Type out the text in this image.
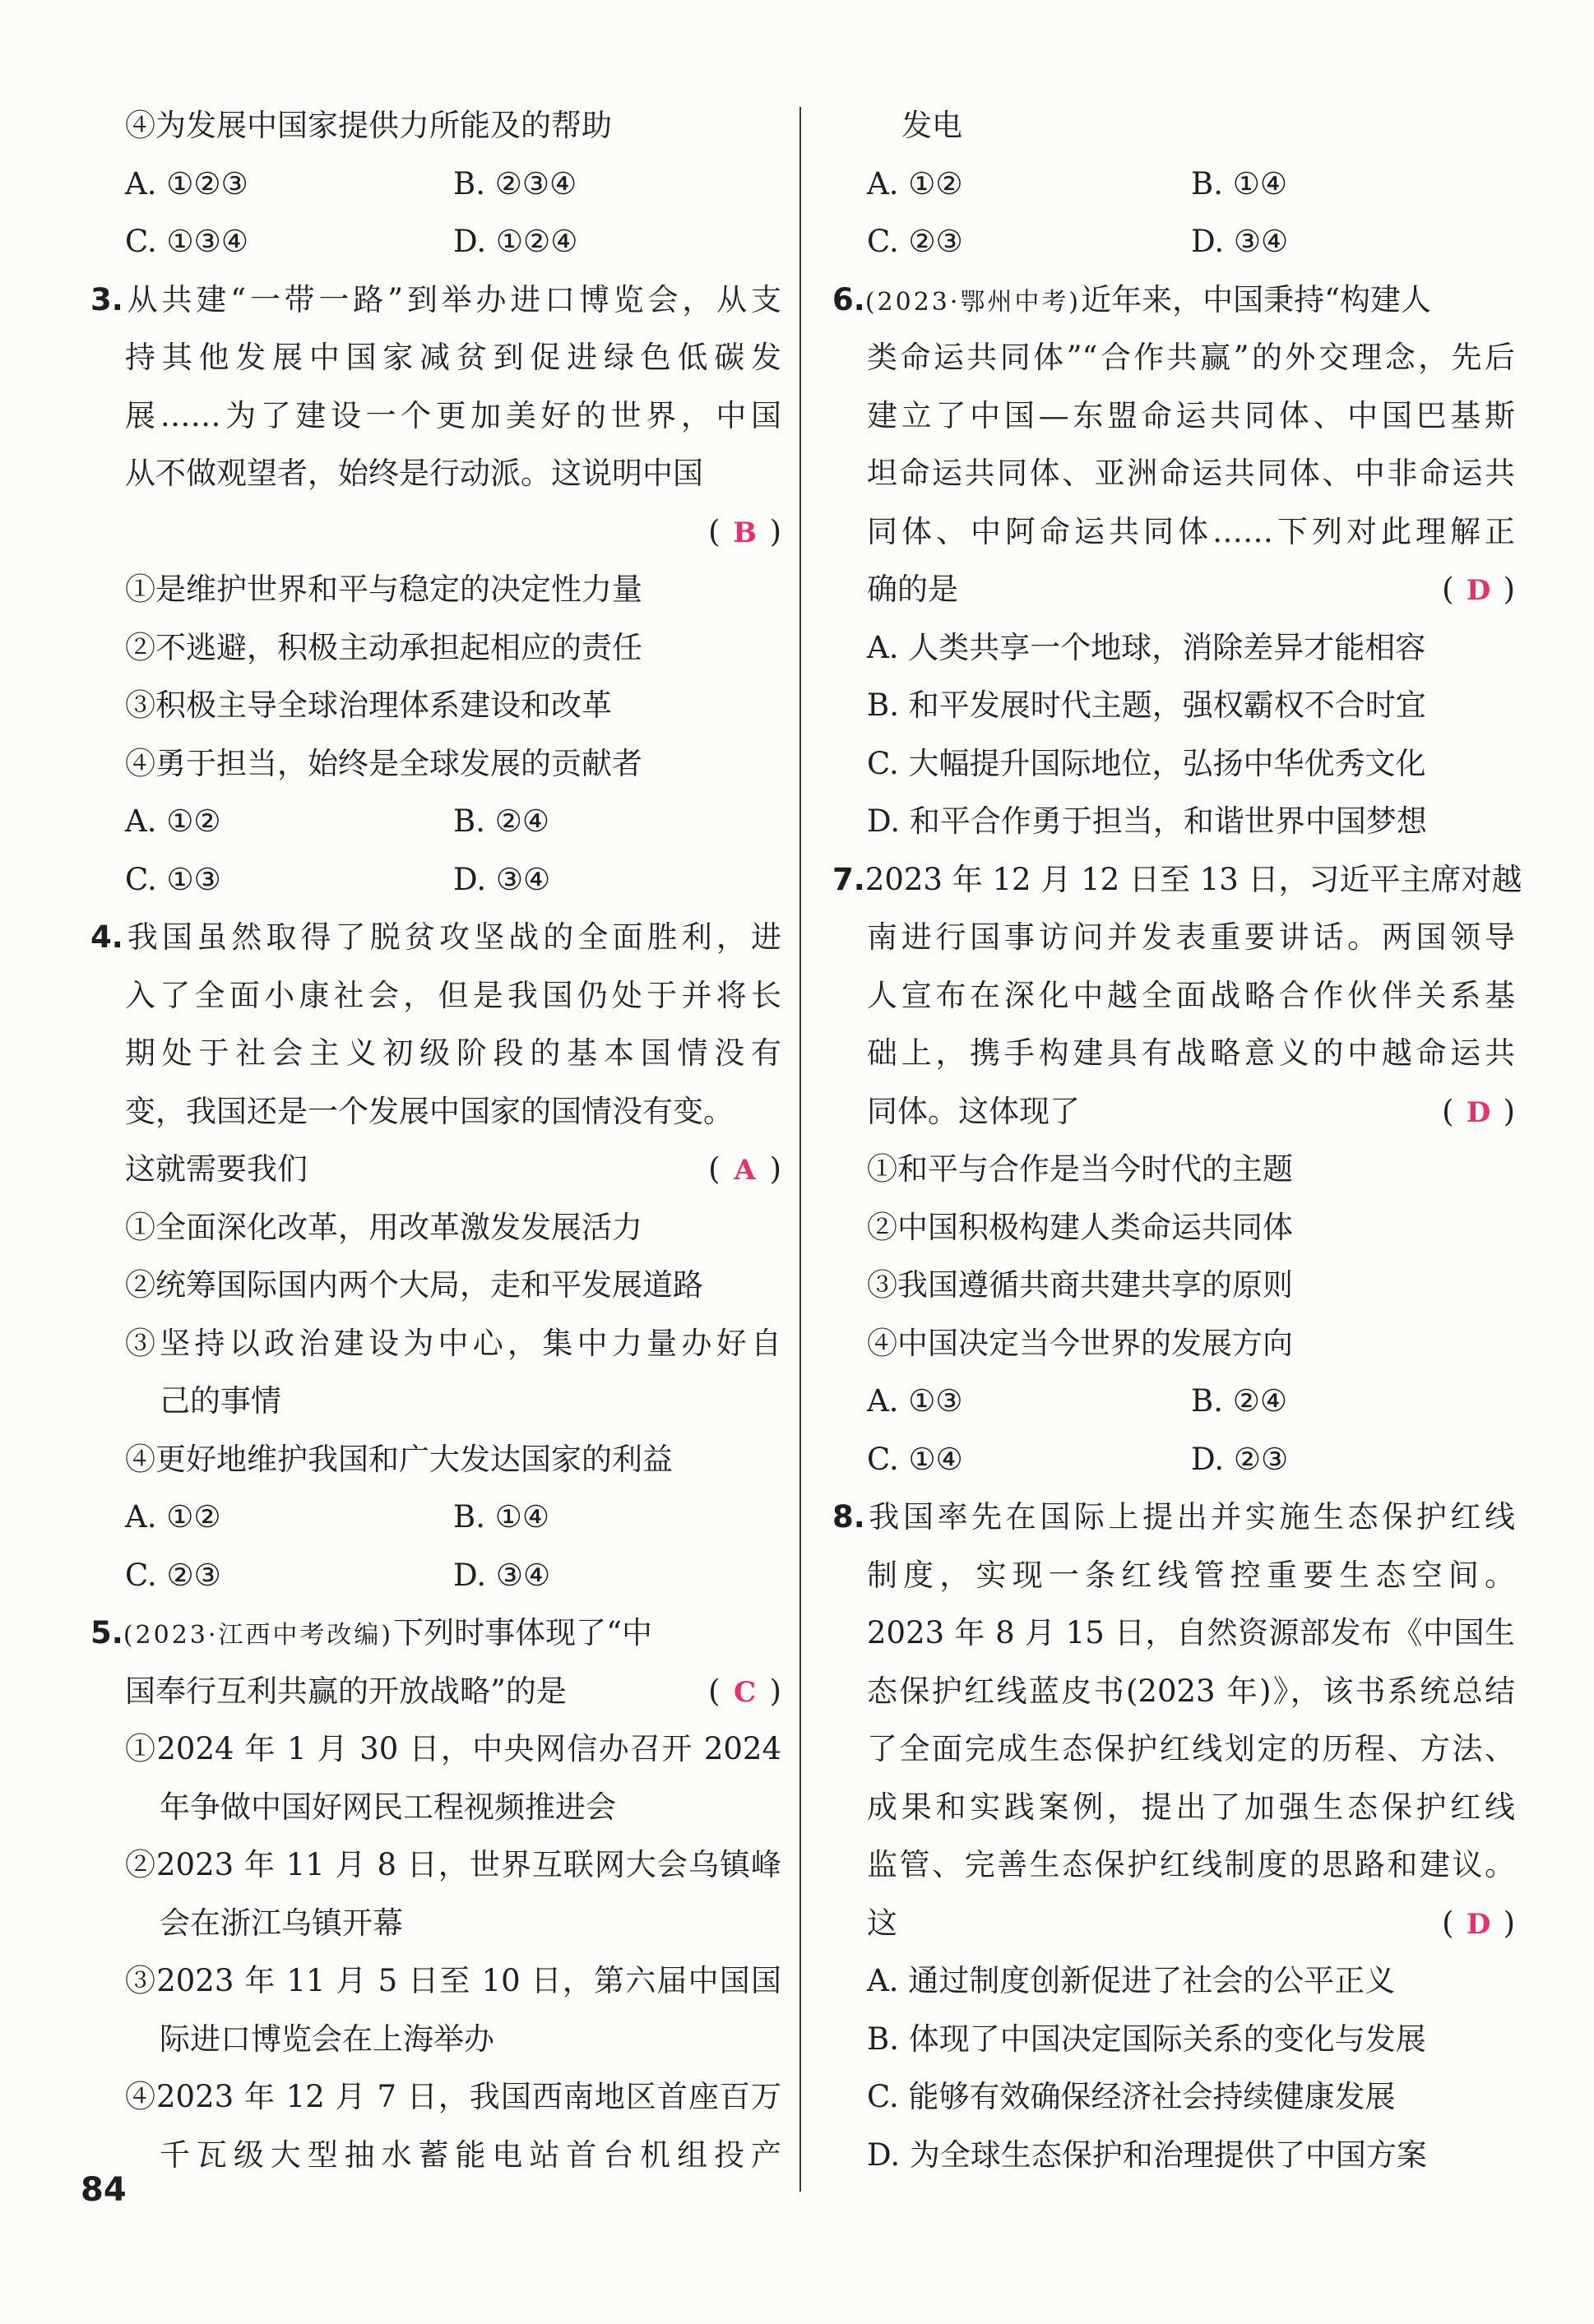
④为发展中国家提供力所能及的帮助
A. ①②③	B. ②③④
C. ①③④	D. ①②④
3.从共建“一带一路”到举办进口博览会，从支
持其他发展中国家减贫到促进绿色低碳发
展……为了建设一个更加美好的世界，中国
从不做观望者，始终是行动派。这说明中国
( B )
①是维护世界和平与稳定的决定性力量
②不逃避，积极主动承担起相应的责任
③积极主导全球治理体系建设和改革
④勇于担当，始终是全球发展的贡献者
A. ①②	B. ②④
C. ①③	D. ③④
4.我国虽然取得了脱贫攻坚战的全面胜利，进
入了全面小康社会，但是我国仍处于并将长
期处于社会主义初级阶段的基本国情没有
变，我国还是一个发展中国家的国情没有变。
这就需要我们	( A )
①全面深化改革，用改革激发发展活力
②统筹国际国内两个大局，走和平发展道路
③坚持以政治建设为中心，集中力量办好自
己的事情
④更好地维护我国和广大发达国家的利益
A. ①②	B. ①④
C. ②③	D. ③④
5.(2023·江西中考改编)下列时事体现了“中
国奉行互利共赢的开放战略”的是	( C )
①2024 年 1 月 30 日，中央网信办召开 2024
年争做中国好网民工程视频推进会
②2023 年 11 月 8 日，世界互联网大会乌镇峰
会在浙江乌镇开幕
③2023 年 11 月 5 日至 10 日，第六届中国国
际进口博览会在上海举办
④2023 年 12 月 7 日，我国西南地区首座百万
千瓦级大型抽水蓄能电站首台机组投产
发电
A. ①②	B. ①④
C. ②③	D. ③④
6.(2023·鄂州中考)近年来，中国秉持“构建人
类命运共同体”“合作共赢”的外交理念，先后
建立了中国—东盟命运共同体、中国巴基斯
坦命运共同体、亚洲命运共同体、中非命运共
同体、中阿命运共同体……下列对此理解正
确的是	( D )
A. 人类共享一个地球，消除差异才能相容
B. 和平发展时代主题，强权霸权不合时宜
C. 大幅提升国际地位，弘扬中华优秀文化
D. 和平合作勇于担当，和谐世界中国梦想
7.2023 年 12 月 12 日至 13 日，习近平主席对越
南进行国事访问并发表重要讲话。两国领导
人宣布在深化中越全面战略合作伙伴关系基
础上，携手构建具有战略意义的中越命运共
同体。这体现了	( D )
①和平与合作是当今时代的主题
②中国积极构建人类命运共同体
③我国遵循共商共建共享的原则
④中国决定当今世界的发展方向
A. ①③	B. ②④
C. ①④	D. ②③
8.我国率先在国际上提出并实施生态保护红线
制度，实现一条红线管控重要生态空间。
2023 年 8 月 15 日，自然资源部发布《中国生
态保护红线蓝皮书(2023 年)》，该书系统总结
了全面完成生态保护红线划定的历程、方法、
成果和实践案例，提出了加强生态保护红线
监管、完善生态保护红线制度的思路和建议。
这	( D )
A. 通过制度创新促进了社会的公平正义
B. 体现了中国决定国际关系的变化与发展
C. 能够有效确保经济社会持续健康发展
D. 为全球生态保护和治理提供了中国方案
84
